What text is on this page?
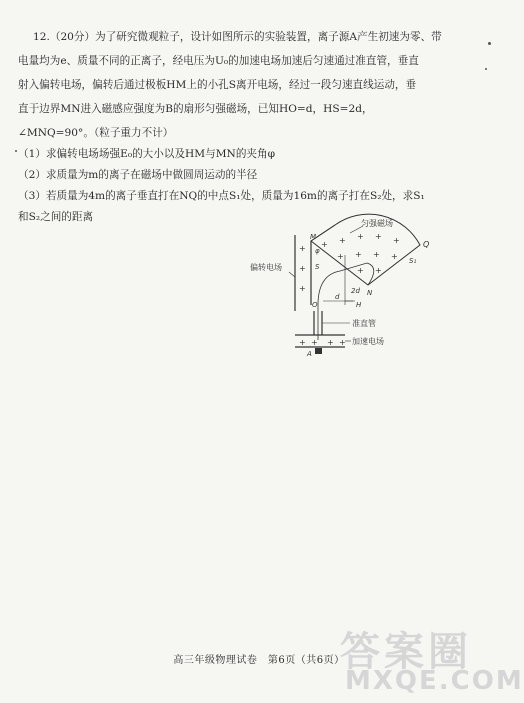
12.（20分）为了研究微观粒子，设计如图所示的实验装置，离子源A产生初速为零、带
电量均为e、质量不同的正离子，经电压为U₀的加速电场加速后匀速通过准直管，垂直
射入偏转电场，偏转后通过极板HM上的小孔S离开电场，经过一段匀速直线运动，垂
直于边界MN进入磁感应强度为B的扇形匀强磁场，已知HO=d，HS=2d，
∠MNQ=90°。（粒子重力不计）
（1）求偏转电场场强E₀的大小以及HM与MN的夹角φ
（2）求质量为m的离子在磁场中做圆周运动的半径
（3）若质量为4m的离子垂直打在NQ的中点S₁处，质量为16m的离子打在S₂处，求S₁
和S₂之间的距离
+ + + + +
+ + + +
+ +
匀强磁场
Q
S₁
N
+
+
+
M
φ
S
2d
d
H
O
准直管
+ + + + 加速电场
A
偏转电场
答案圈
MXQE.COM
高三年级物理试卷　第6页（共6页）
